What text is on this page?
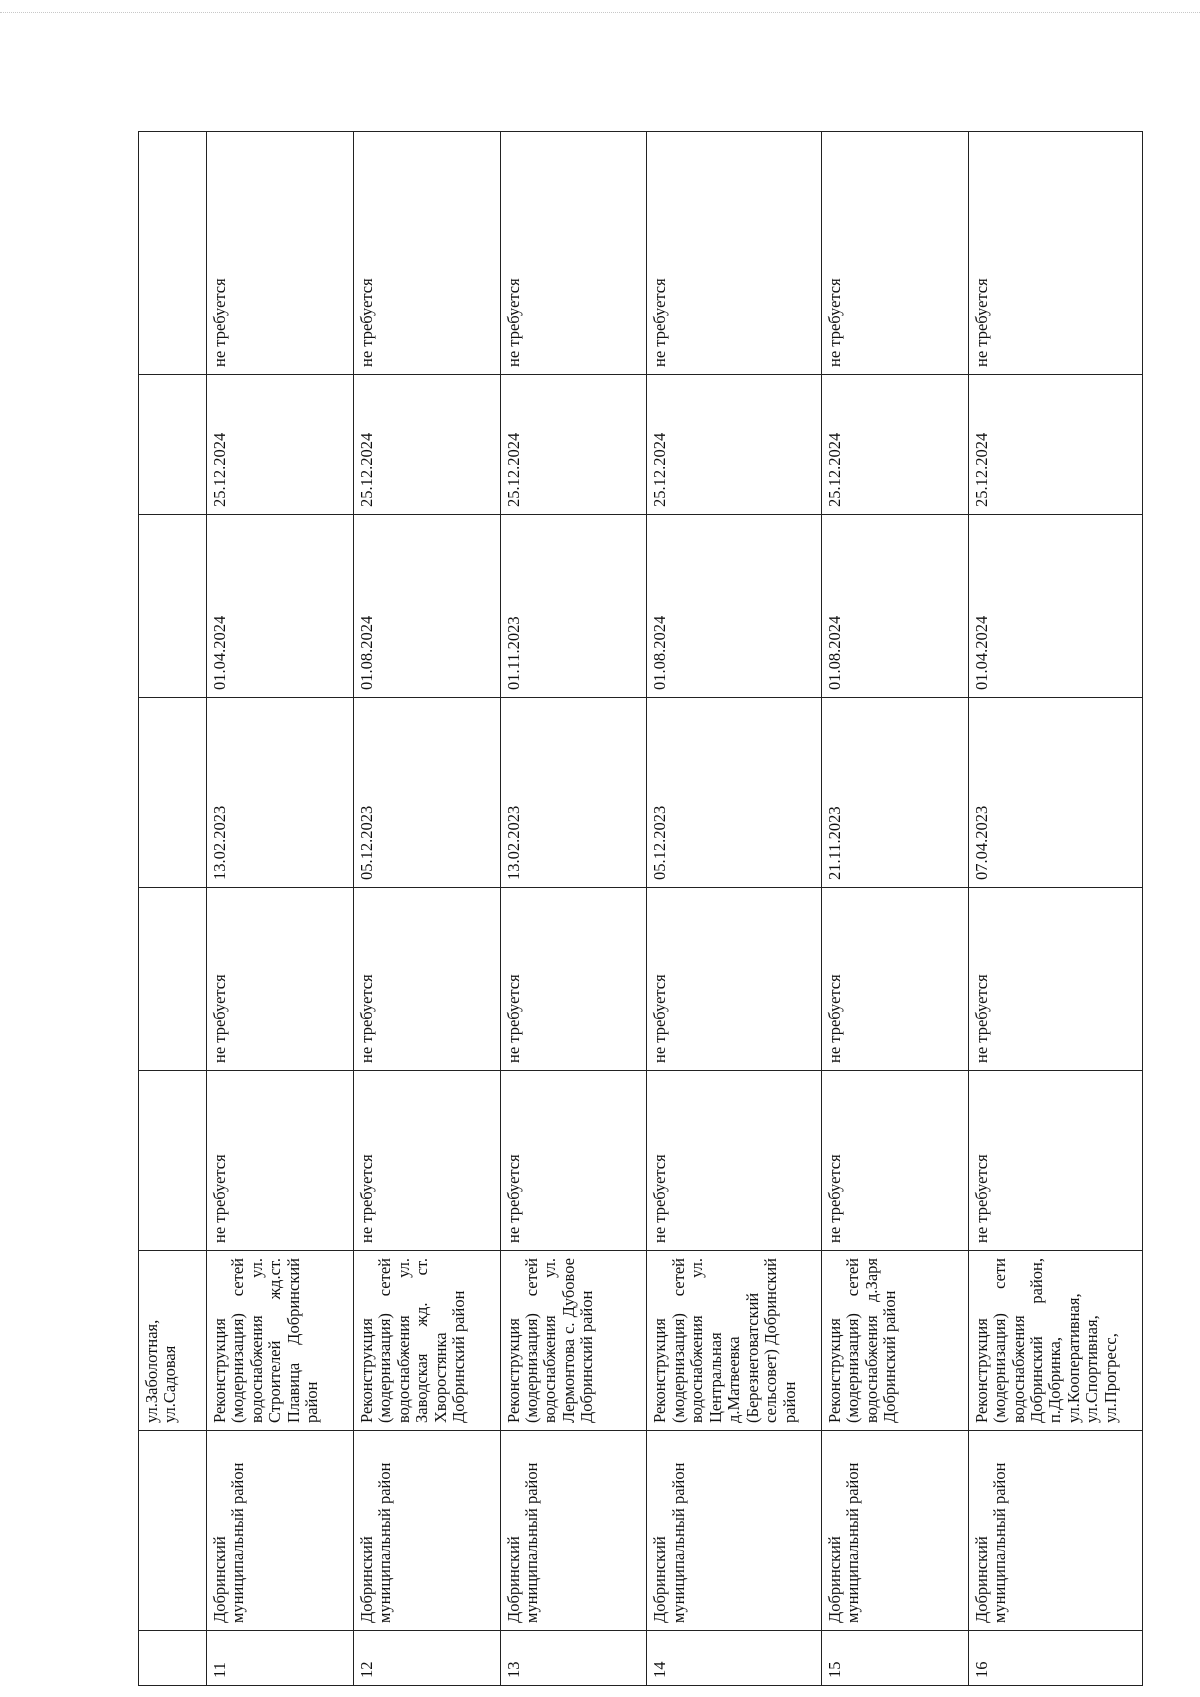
		ул.Заболотная, ул.Садовая						
11	Добринский муниципальный район	Реконструкция (модернизация) сетей водоснабжения ул. Строителей жд.ст. Плавица Добринский район	не требуется	не требуется	13.02.2023	01.04.2024	25.12.2024	не требуется
12	Добринский муниципальный район	Реконструкция (модернизация) сетей водоснабжения ул. Заводская жд. ст. Хворостянка Добринский район	не требуется	не требуется	05.12.2023	01.08.2024	25.12.2024	не требуется
13	Добринский муниципальный район	Реконструкция (модернизация) сетей водоснабжения ул. Лермонтова с. Дубовое Добринский район	не требуется	не требуется	13.02.2023	01.11.2023	25.12.2024	не требуется
14	Добринский муниципальный район	Реконструкция (модернизация) сетей водоснабжения ул. Центральная д.Матвеевка (Березнеговатский сельсовет) Добринский район	не требуется	не требуется	05.12.2023	01.08.2024	25.12.2024	не требуется
15	Добринский муниципальный район	Реконструкция (модернизация) сетей водоснабжения д.Заря Добринский район	не требуется	не требуется	21.11.2023	01.08.2024	25.12.2024	не требуется
16	Добринский муниципальный район	Реконструкция (модернизация) сети водоснабжения Добринский район, п.Добринка, ул.Кооперативная, ул.Спортивная, ул.Прогресс,	не требуется	не требуется	07.04.2023	01.04.2024	25.12.2024	не требуется
